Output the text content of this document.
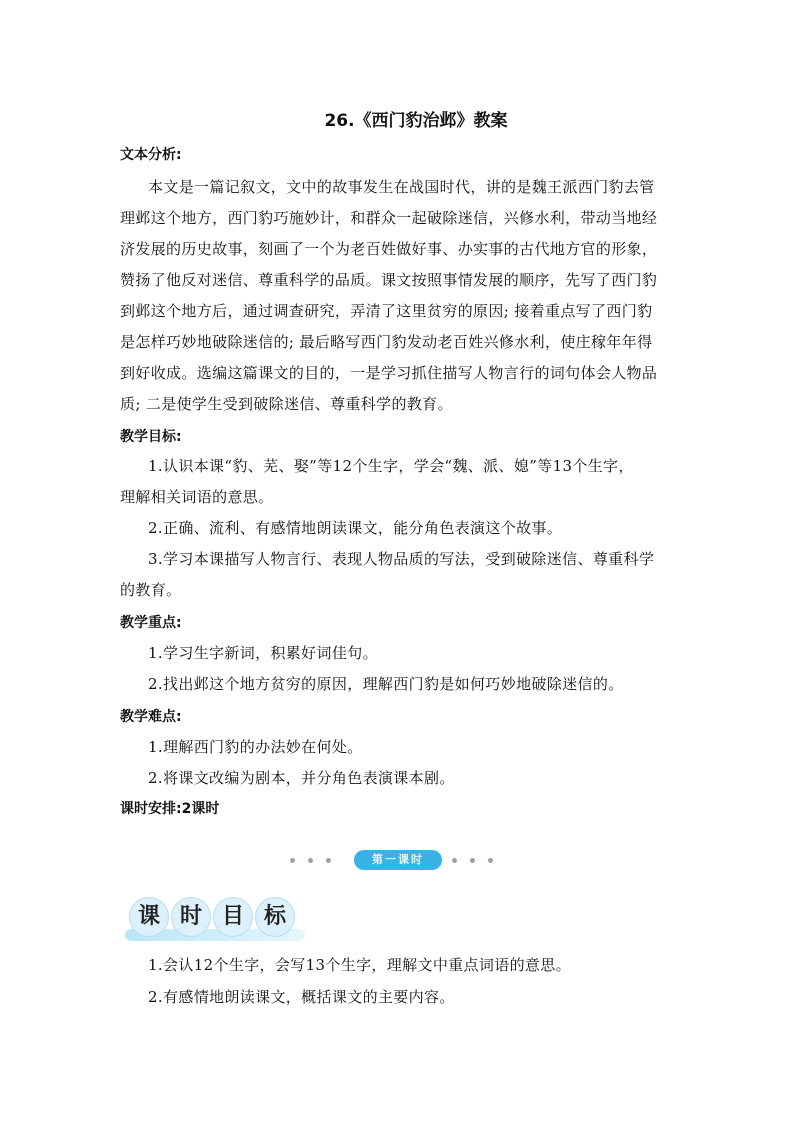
26.《西门豹治邺》教案
文本分析:
本文是一篇记叙文，文中的故事发生在战国时代，讲的是魏王派西门豹去管
理邺这个地方，西门豹巧施妙计，和群众一起破除迷信，兴修水利，带动当地经
济发展的历史故事，刻画了一个为老百姓做好事、办实事的古代地方官的形象，
赞扬了他反对迷信、尊重科学的品质。课文按照事情发展的顺序，先写了西门豹
到邺这个地方后，通过调查研究，弄清了这里贫穷的原因; 接着重点写了西门豹
是怎样巧妙地破除迷信的; 最后略写西门豹发动老百姓兴修水利，使庄稼年年得
到好收成。选编这篇课文的目的，一是学习抓住描写人物言行的词句体会人物品
质; 二是使学生受到破除迷信、尊重科学的教育。
教学目标:
1.认识本课“豹、芜、娶”等12个生字，学会“魏、派、媳”等13个生字，
理解相关词语的意思。
2.正确、流利、有感情地朗读课文，能分角色表演这个故事。
3.学习本课描写人物言行、表现人物品质的写法，受到破除迷信、尊重科学
的教育。
教学重点:
1.学习生字新词，积累好词佳句。
2.找出邺这个地方贫穷的原因，理解西门豹是如何巧妙地破除迷信的。
教学难点:
1.理解西门豹的办法妙在何处。
2.将课文改编为剧本，并分角色表演课本剧。
课时安排:2课时
第一课时
课 时 目 标
1.会认12个生字，会写13个生字，理解文中重点词语的意思。
2.有感情地朗读课文，概括课文的主要内容。
